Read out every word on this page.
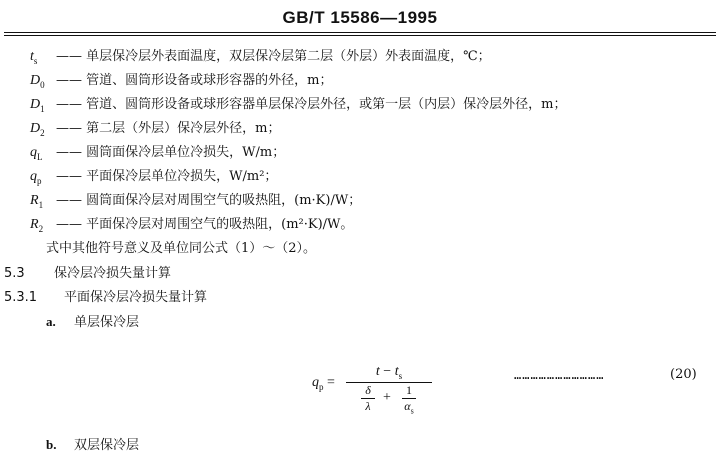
GB/T 15586—1995
$t_s$	—— 单层保冷层外表面温度，双层保冷层第二层（外层）外表面温度，℃；
$D_0$ —— 管道、圆筒形设备或球形容器的外径，m；
$D_1$ —— 管道、圆筒形设备或球形容器单层保冷层外径，或第一层（内层）保冷层外径，m；
$D_2$ —— 第二层（外层）保冷层外径，m；
$q_L$	—— 圆筒面保冷层单位冷损失，W/m；
$q_p$	—— 平面保冷层单位冷损失，W/m²；
$R_1$ —— 圆筒面保冷层对周围空气的吸热阻，(m·K)/W；
$R_2$ —— 平面保冷层对周围空气的吸热阻，(m²·K)/W。
式中其他符号意义及单位同公式（1）～（2）。
5.3 保冷层冷损失量计算
5.3.1 平面保冷层冷损失量计算
a. 单层保冷层
$q_p$ =
$t - t_s$
δ
λ
+	1
$\alpha_s$
……………………………	(20)
b. 双层保冷层
